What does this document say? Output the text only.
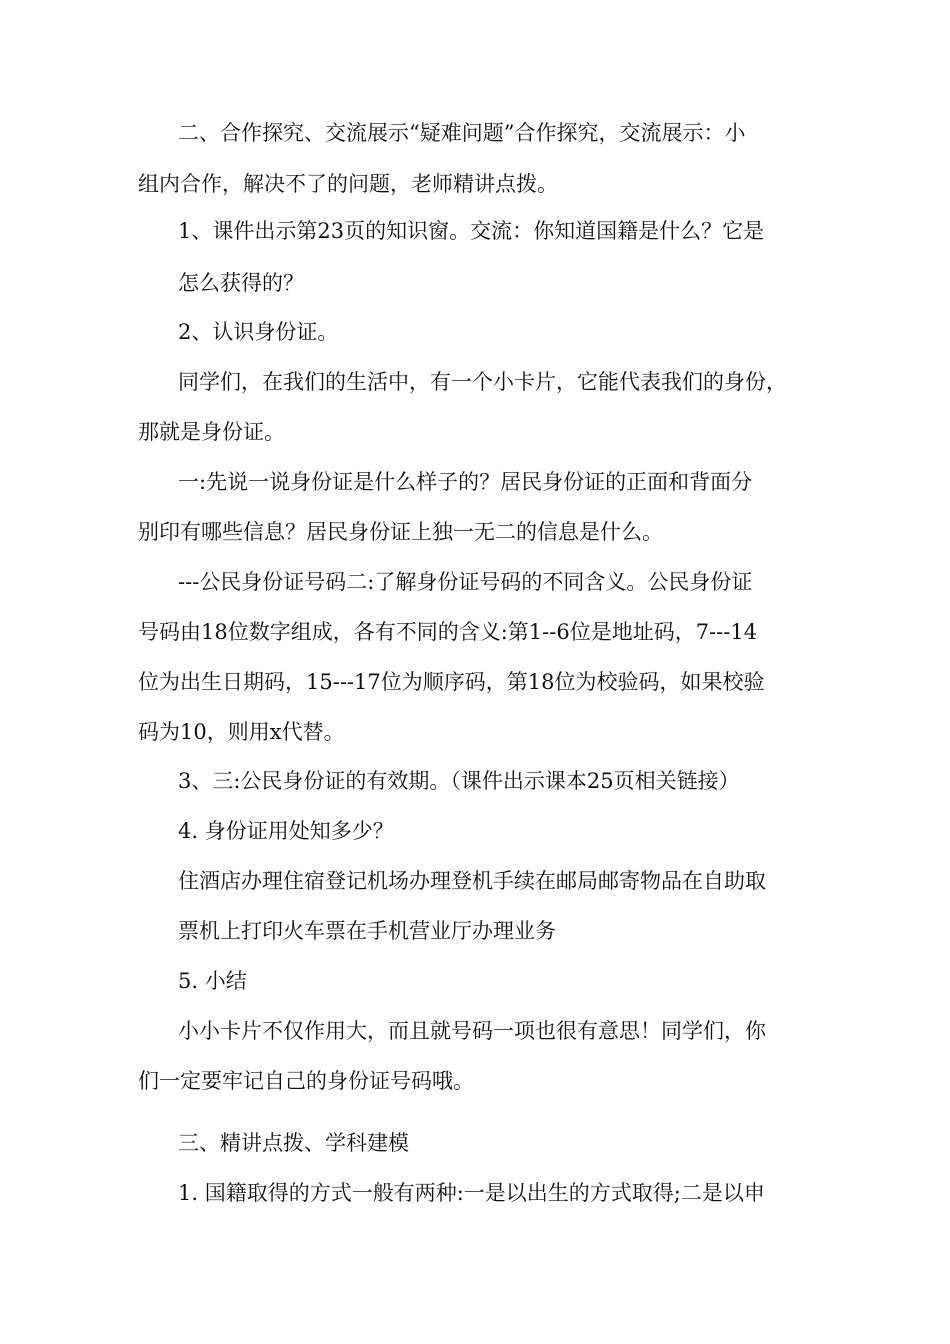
二、合作探究、交流展示“疑难问题”合作探究，交流展示：小
组内合作，解决不了的问题，老师精讲点拨。
1、课件出示第23页的知识窗。交流：你知道国籍是什么？它是
怎么获得的？
2、认识身份证。
同学们，在我们的生活中，有一个小卡片，它能代表我们的身份，
那就是身份证。
一:先说一说身份证是什么样子的？居民身份证的正面和背面分
别印有哪些信息？居民身份证上独一无二的信息是什么。
---公民身份证号码二:了解身份证号码的不同含义。公民身份证
号码由18位数字组成，各有不同的含义:第1--6位是地址码，7---14
位为出生日期码，15---17位为顺序码，第18位为校验码，如果校验
码为10，则用x代替。
3、三:公民身份证的有效期。（课件出示课本25页相关链接）
4. 身份证用处知多少？
住酒店办理住宿登记机场办理登机手续在邮局邮寄物品在自助取
票机上打印火车票在手机营业厅办理业务
5. 小结
小小卡片不仅作用大，而且就号码一项也很有意思！同学们，你
们一定要牢记自己的身份证号码哦。
三、精讲点拨、学科建模
1. 国籍取得的方式一般有两种:一是以出生的方式取得;二是以申
